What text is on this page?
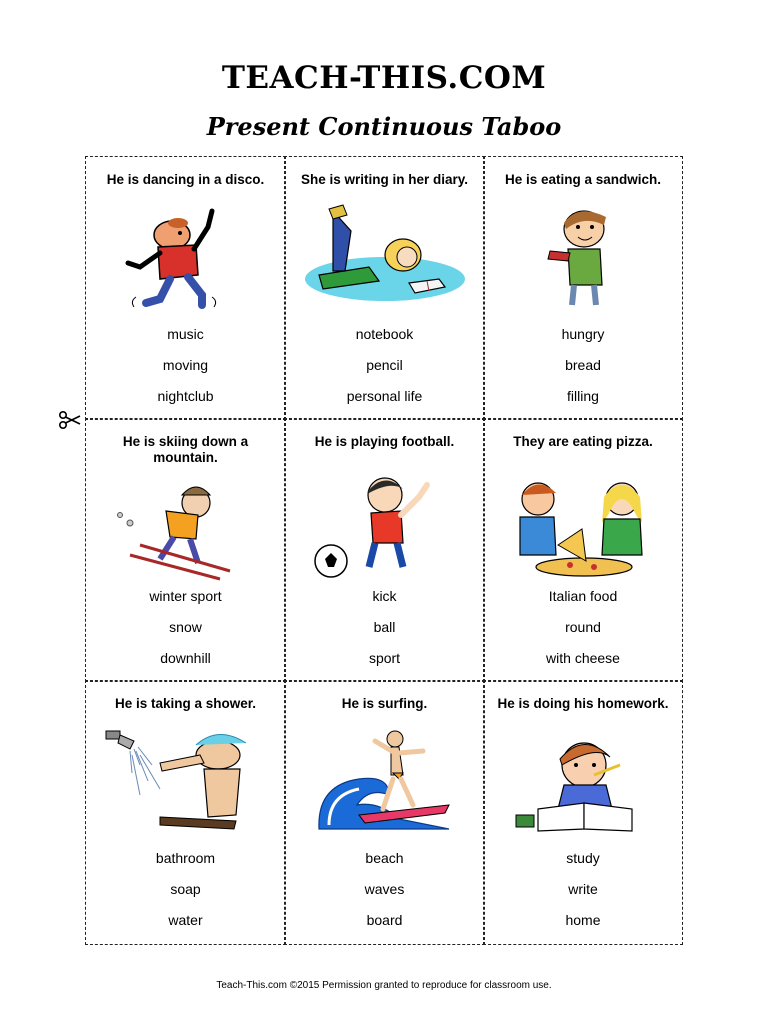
TEACH-THIS.COM
Present Continuous Taboo
He is dancing in a disco.
music
moving
nightclub
She is writing in her diary.
notebook
pencil
personal life
He is eating a sandwich.
hungry
bread
filling
He is skiing down a mountain.
winter sport
snow
downhill
He is playing football.
kick
ball
sport
They are eating pizza.
Italian food
round
with cheese
He is taking a shower.
bathroom
soap
water
He is surfing.
beach
waves
board
He is doing his homework.
study
write
home
Teach-This.com ©2015 Permission granted to reproduce for classroom use.
